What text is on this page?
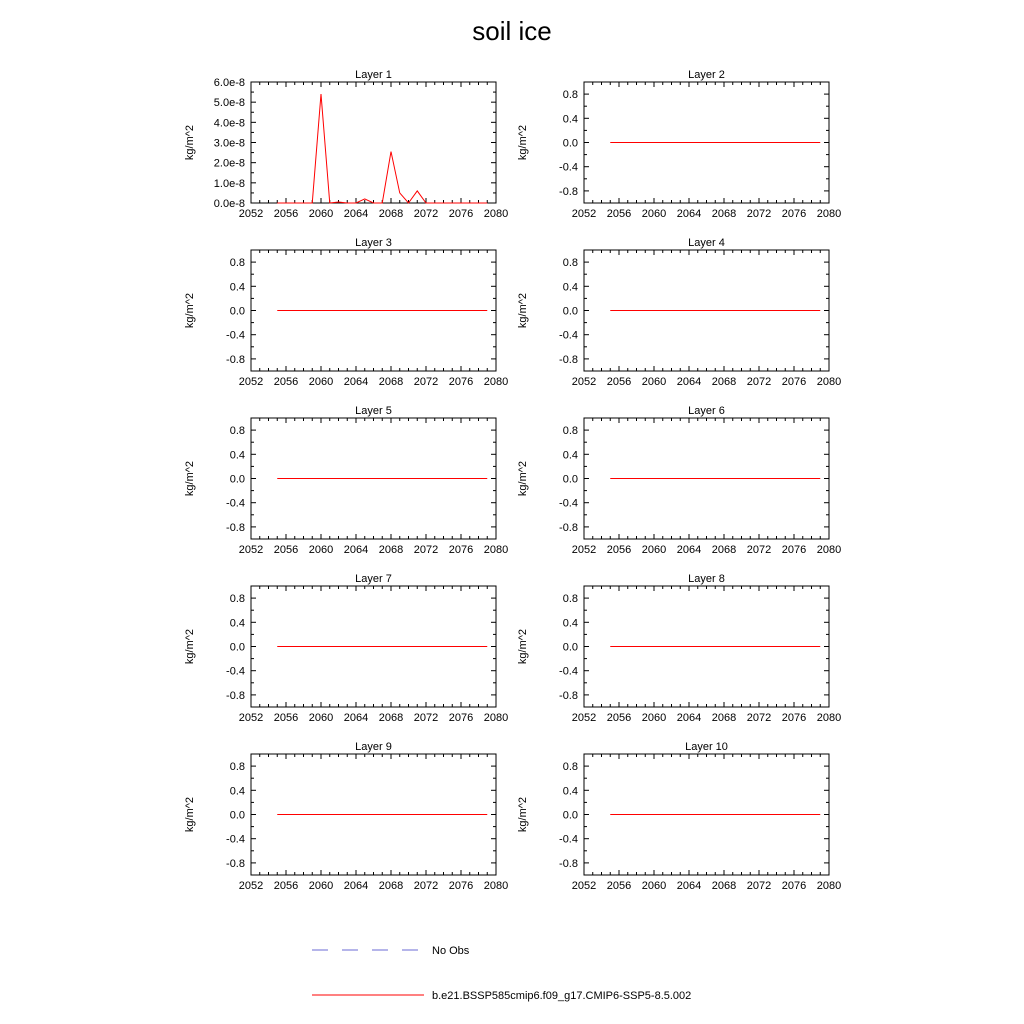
soil ice
Layer 1
2052 2056 2060 2064 2068 2072 2076 2080
0.0e-8
1.0e-8
2.0e-8
3.0e-8
4.0e-8
5.0e-8
6.0e-8
kg/m^2
Layer 2
2052 2056 2060 2064 2068 2072 2076 2080
-0.8
-0.4
0.0
0.4
0.8
kg/m^2
Layer 3
2052 2056 2060 2064 2068 2072 2076 2080
-0.8
-0.4
0.0
0.4
0.8
kg/m^2
Layer 4
2052 2056 2060 2064 2068 2072 2076 2080
-0.8
-0.4
0.0
0.4
0.8
kg/m^2
Layer 5
2052 2056 2060 2064 2068 2072 2076 2080
-0.8
-0.4
0.0
0.4
0.8
kg/m^2
Layer 6
2052 2056 2060 2064 2068 2072 2076 2080
-0.8
-0.4
0.0
0.4
0.8
kg/m^2
Layer 7
2052 2056 2060 2064 2068 2072 2076 2080
-0.8
-0.4
0.0
0.4
0.8
kg/m^2
Layer 8
2052 2056 2060 2064 2068 2072 2076 2080
-0.8
-0.4
0.0
0.4
0.8
kg/m^2
Layer 9
2052 2056 2060 2064 2068 2072 2076 2080
-0.8
-0.4
0.0
0.4
0.8
kg/m^2
Layer 10
2052 2056 2060 2064 2068 2072 2076 2080
-0.8
-0.4
0.0
0.4
0.8
kg/m^2
No Obs
b.e21.BSSP585cmip6.f09_g17.CMIP6-SSP5-8.5.002
